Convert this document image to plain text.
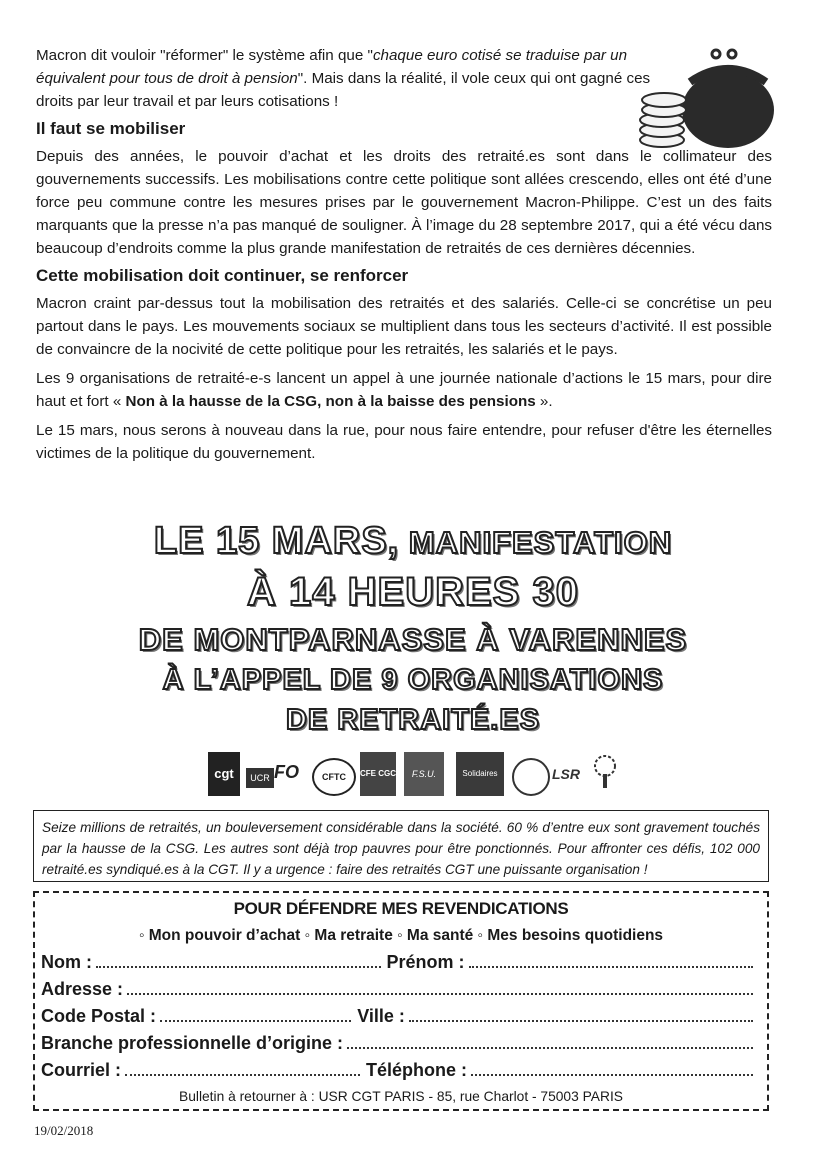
Macron dit vouloir "réformer" le système afin que "chaque euro cotisé se traduise par un équivalent pour tous de droit à pension". Mais dans la réalité, il vole ceux qui ont gagné ces droits par leur travail et par leurs cotisations !

Il faut se mobiliser

Depuis des années, le pouvoir d’achat et les droits des retraité.es sont dans le collimateur des gouvernements successifs. Les mobilisations contre cette politique sont allées crescendo, elles ont été d’une force peu commune contre les mesures prises par le gouvernement Macron-Philippe. C’est un des faits marquants que la presse n’a pas manqué de souligner. À l’image du 28 septembre 2017, qui a été vécu dans beaucoup d’endroits comme la plus grande manifestation de retraités de ces dernières décennies.

Cette mobilisation doit continuer, se renforcer

Macron craint par-dessus tout la mobilisation des retraités et des salariés. Celle-ci se concrétise un peu partout dans le pays. Les mouvements sociaux se multiplient dans tous les secteurs d’activité. Il est possible de convaincre de la nocivité de cette politique pour les retraités, les salariés et le pays.

Les 9 organisations de retraité-e-s lancent un appel à une journée nationale d’actions le 15 mars, pour dire haut et fort « Non à la hausse de la CSG, non à la baisse des pensions ».

Le 15 mars, nous serons à nouveau dans la rue, pour nous faire entendre, pour refuser d'être les éternelles victimes de la politique du gouvernement.

LE 15 MARS, MANIFESTATION
À 14 HEURES 30
DE MONTPARNASSE À VARENNES
À L’APPEL DE 9 ORGANISATIONS
DE RETRAITÉ.ES
cgt	UCR FO	CFTC	CFE CGC	F.S.U.	Solidaires	LSR

Seize millions de retraités, un bouleversement considérable dans la société. 60 % d’entre eux sont gravement touchés par la hausse de la CSG. Les autres sont déjà trop pauvres pour être ponctionnés. Pour affronter ces défis, 102 000 retraité.es syndiqué.es à la CGT. Il y a urgence : faire des retraités CGT une puissante organisation !

POUR DÉFENDRE MES REVENDICATIONS
◦ Mon pouvoir d’achat ◦ Ma retraite ◦ Ma santé ◦ Mes besoins quotidiens
Nom :	Prénom :
Adresse :
Code Postal :	Ville :
Branche professionnelle d’origine :
Courriel :	Téléphone :
Bulletin à retourner à : USR CGT PARIS - 85, rue Charlot - 75003 PARIS
19/02/2018
